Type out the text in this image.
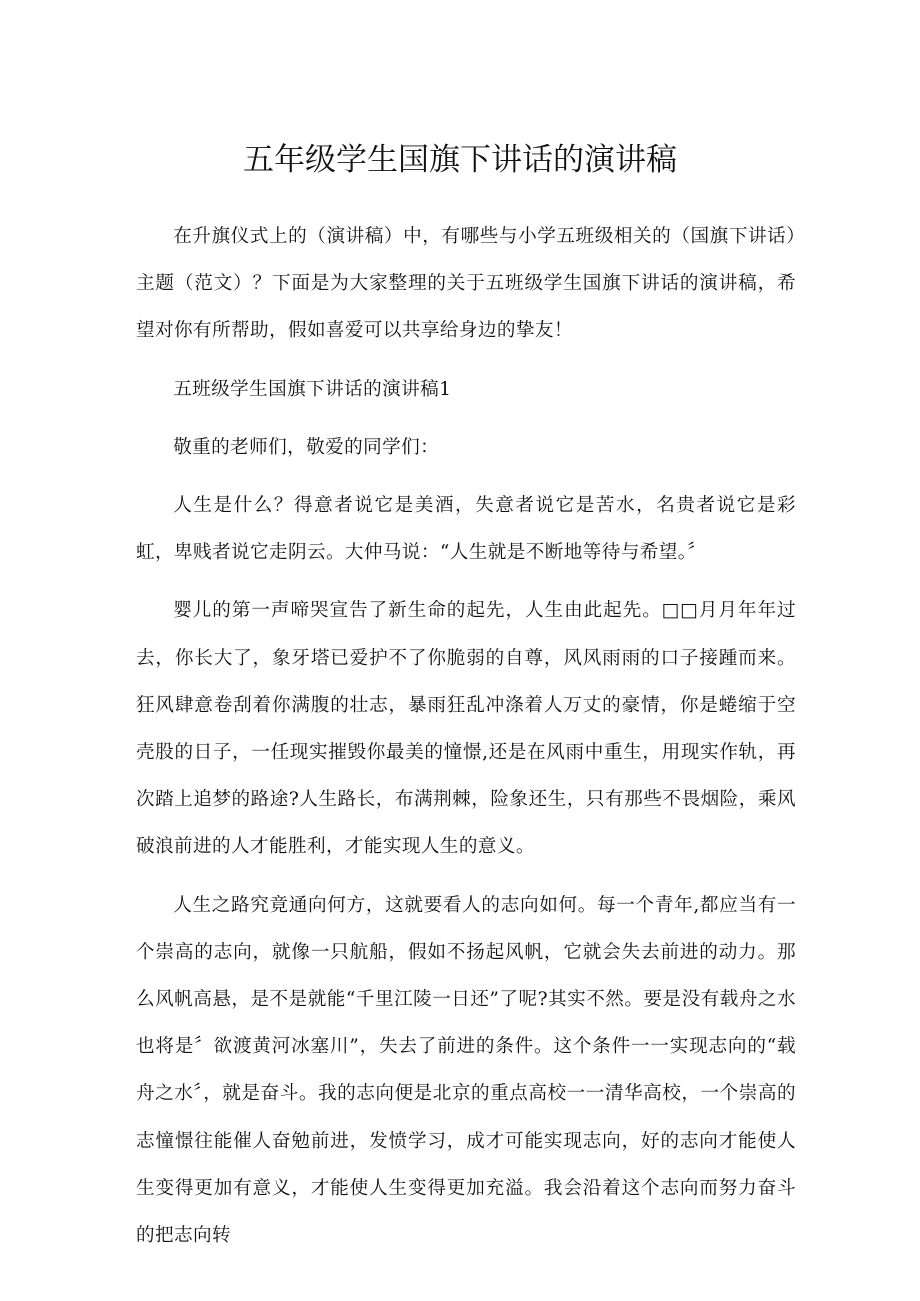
五年级学生国旗下讲话的演讲稿

在升旗仪式上的（演讲稿）中，有哪些与小学五班级相关的（国旗下讲话）主题（范文）？下面是为大家整理的关于五班级学生国旗下讲话的演讲稿，希望对你有所帮助，假如喜爱可以共享给身边的挚友！

五班级学生国旗下讲话的演讲稿1

敬重的老师们，敬爱的同学们：

人生是什么？得意者说它是美酒，失意者说它是苦水，名贵者说它是彩虹，卑贱者说它走阴云。大仲马说：“人生就是不断地等待与希望。〞

婴儿的第一声啼哭宣告了新生命的起先，人生由此起先。□□月月年年过去，你长大了，象牙塔已爱护不了你脆弱的自尊，风风雨雨的口子接踵而来。狂风肆意卷刮着你满腹的壮志，暴雨狂乱冲涤着人万丈的豪情，你是蜷缩于空壳股的日子，一任现实摧毁你最美的憧憬,还是在风雨中重生，用现实作轨，再次踏上追梦的路途?人生路长，布满荆棘，险象还生，只有那些不畏烟险，乘风破浪前进的人才能胜利，才能实现人生的意义。

人生之路究竟通向何方，这就要看人的志向如何。每一个青年,都应当有一个崇高的志向，就像一只航船，假如不扬起风帆，它就会失去前进的动力。那么风帆高悬，是不是就能“千里江陵一日还”了呢?其实不然。要是没有载舟之水也将是〞欲渡黄河冰塞川”，失去了前进的条件。这个条件一一实现志向的“载舟之水〞，就是奋斗。我的志向便是北京的重点高校一一清华高校，一个崇高的志憧憬往能催人奋勉前进，发愤学习，成才可能实现志向，好的志向才能使人生变得更加有意义，才能使人生变得更加充溢。我会沿着这个志向而努力奋斗的把志向转
